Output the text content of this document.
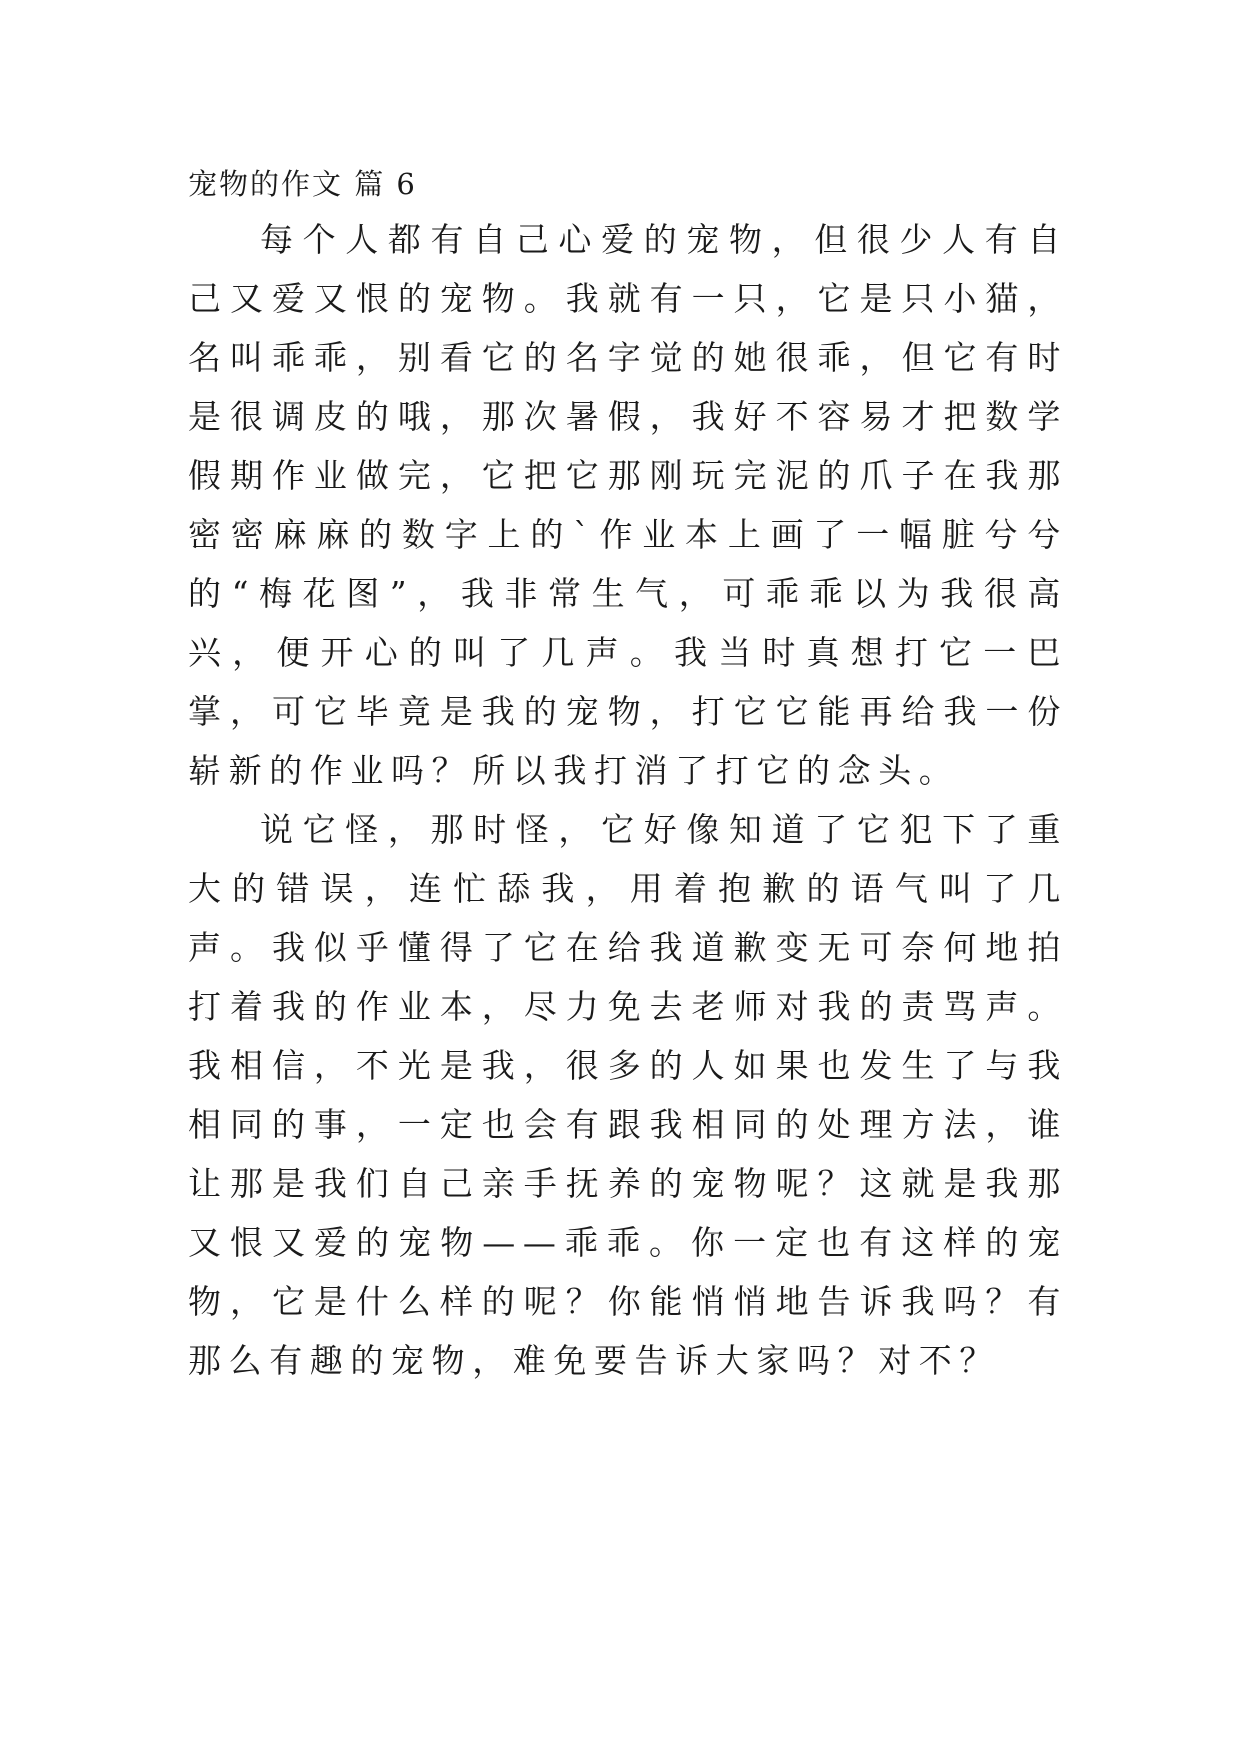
宠物的作文 篇 6

每个人都有自己心爱的宠物，但很少人有自己又爱又恨的宠物。我就有一只，它是只小猫，名叫乖乖，别看它的名字觉的她很乖，但它有时是很调皮的哦，那次暑假，我好不容易才把数学假期作业做完，它把它那刚玩完泥的爪子在我那密密麻麻的数字上的`作业本上画了一幅脏兮兮的“梅花图”，我非常生气，可乖乖以为我很高兴，便开心的叫了几声。我当时真想打它一巴掌，可它毕竟是我的宠物，打它它能再给我一份崭新的作业吗？所以我打消了打它的念头。

说它怪，那时怪，它好像知道了它犯下了重大的错误，连忙舔我，用着抱歉的语气叫了几声。我似乎懂得了它在给我道歉变无可奈何地拍打着我的作业本，尽力免去老师对我的责骂声。我相信，不光是我，很多的人如果也发生了与我相同的事，一定也会有跟我相同的处理方法，谁让那是我们自己亲手抚养的宠物呢？这就是我那又恨又爱的宠物——乖乖。你一定也有这样的宠物，它是什么样的呢？你能悄悄地告诉我吗？有那么有趣的宠物，难免要告诉大家吗？对不？
